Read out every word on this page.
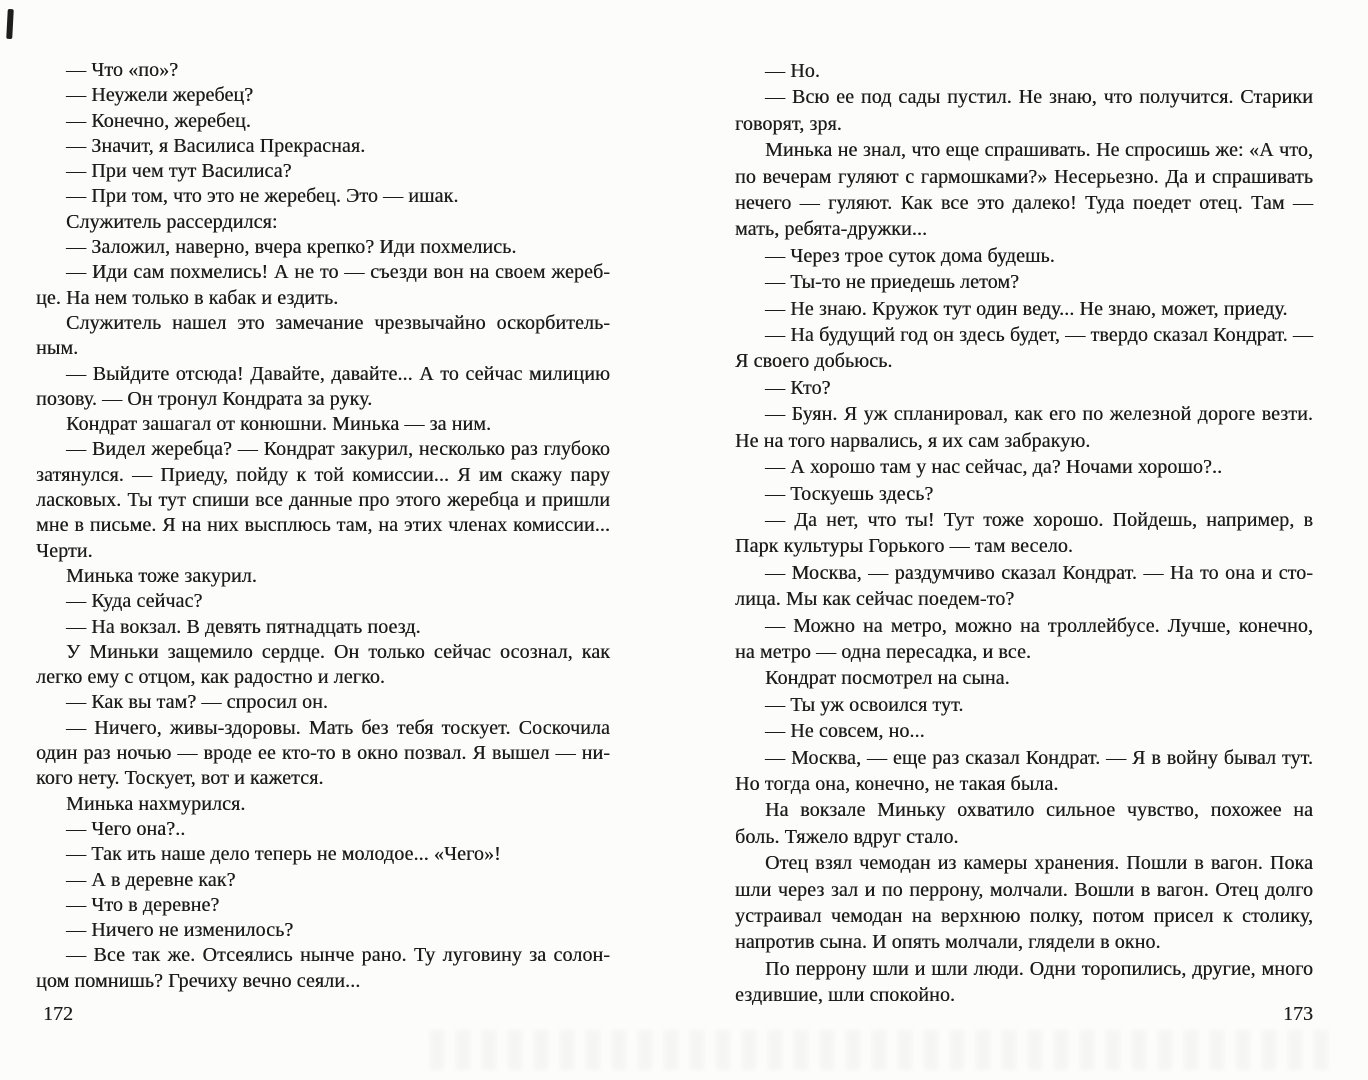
— Что «по»?
— Неужели жеребец?
— Конечно, жеребец.
— Значит, я Василиса Прекрасная.
— При чем тут Василиса?
— При том, что это не жеребец. Это — ишак.
Служитель рассердился:
— Заложил, наверно, вчера крепко? Иди похмелись.
— Иди сам похмелись! А не то — съезди вон на своем жереб-
це. На нем только в кабак и ездить.
Служитель нашел это замечание чрезвычайно оскорбитель-
ным.
— Выйдите отсюда! Давайте, давайте... А то сейчас милицию
позову. — Он тронул Кондрата за руку.
Кондрат зашагал от конюшни. Минька — за ним.
— Видел жеребца? — Кондрат закурил, несколько раз глубоко
затянулся. — Приеду, пойду к той комиссии... Я им скажу пару
ласковых. Ты тут спиши все данные про этого жеребца и пришли
мне в письме. Я на них высплюсь там, на этих членах комиссии...
Черти.
Минька тоже закурил.
— Куда сейчас?
— На вокзал. В девять пятнадцать поезд.
У Миньки защемило сердце. Он только сейчас осознал, как
легко ему с отцом, как радостно и легко.
— Как вы там? — спросил он.
— Ничего, живы-здоровы. Мать без тебя тоскует. Соскочила
один раз ночью — вроде ее кто-то в окно позвал. Я вышел — ни-
кого нету. Тоскует, вот и кажется.
Минька нахмурился.
— Чего она?..
— Так ить наше дело теперь не молодое... «Чего»!
— А в деревне как?
— Что в деревне?
— Ничего не изменилось?
— Все так же. Отсеялись нынче рано. Ту луговину за солон-
цом помнишь? Гречиху вечно сеяли...
— Но.
— Всю ее под сады пустил. Не знаю, что получится. Старики
говорят, зря.
Минька не знал, что еще спрашивать. Не спросишь же: «А что,
по вечерам гуляют с гармошками?» Несерьезно. Да и спрашивать
нечего — гуляют. Как все это далеко! Туда поедет отец. Там —
мать, ребята-дружки...
— Через трое суток дома будешь.
— Ты-то не приедешь летом?
— Не знаю. Кружок тут один веду... Не знаю, может, приеду.
— На будущий год он здесь будет, — твердо сказал Кондрат. —
Я своего добьюсь.
— Кто?
— Буян. Я уж спланировал, как его по железной дороге везти.
Не на того нарвались, я их сам забракую.
— А хорошо там у нас сейчас, да? Ночами хорошо?..
— Тоскуешь здесь?
— Да нет, что ты! Тут тоже хорошо. Пойдешь, например, в
Парк культуры Горького — там весело.
— Москва, — раздумчиво сказал Кондрат. — На то она и сто-
лица. Мы как сейчас поедем-то?
— Можно на метро, можно на троллейбусе. Лучше, конечно,
на метро — одна пересадка, и все.
Кондрат посмотрел на сына.
— Ты уж освоился тут.
— Не совсем, но...
— Москва, — еще раз сказал Кондрат. — Я в войну бывал тут.
Но тогда она, конечно, не такая была.
На вокзале Миньку охватило сильное чувство, похожее на
боль. Тяжело вдруг стало.
Отец взял чемодан из камеры хранения. Пошли в вагон. Пока
шли через зал и по перрону, молчали. Вошли в вагон. Отец долго
устраивал чемодан на верхнюю полку, потом присел к столику,
напротив сына. И опять молчали, глядели в окно.
По перрону шли и шли люди. Одни торопились, другие, много
ездившие, шли спокойно.
172	173
